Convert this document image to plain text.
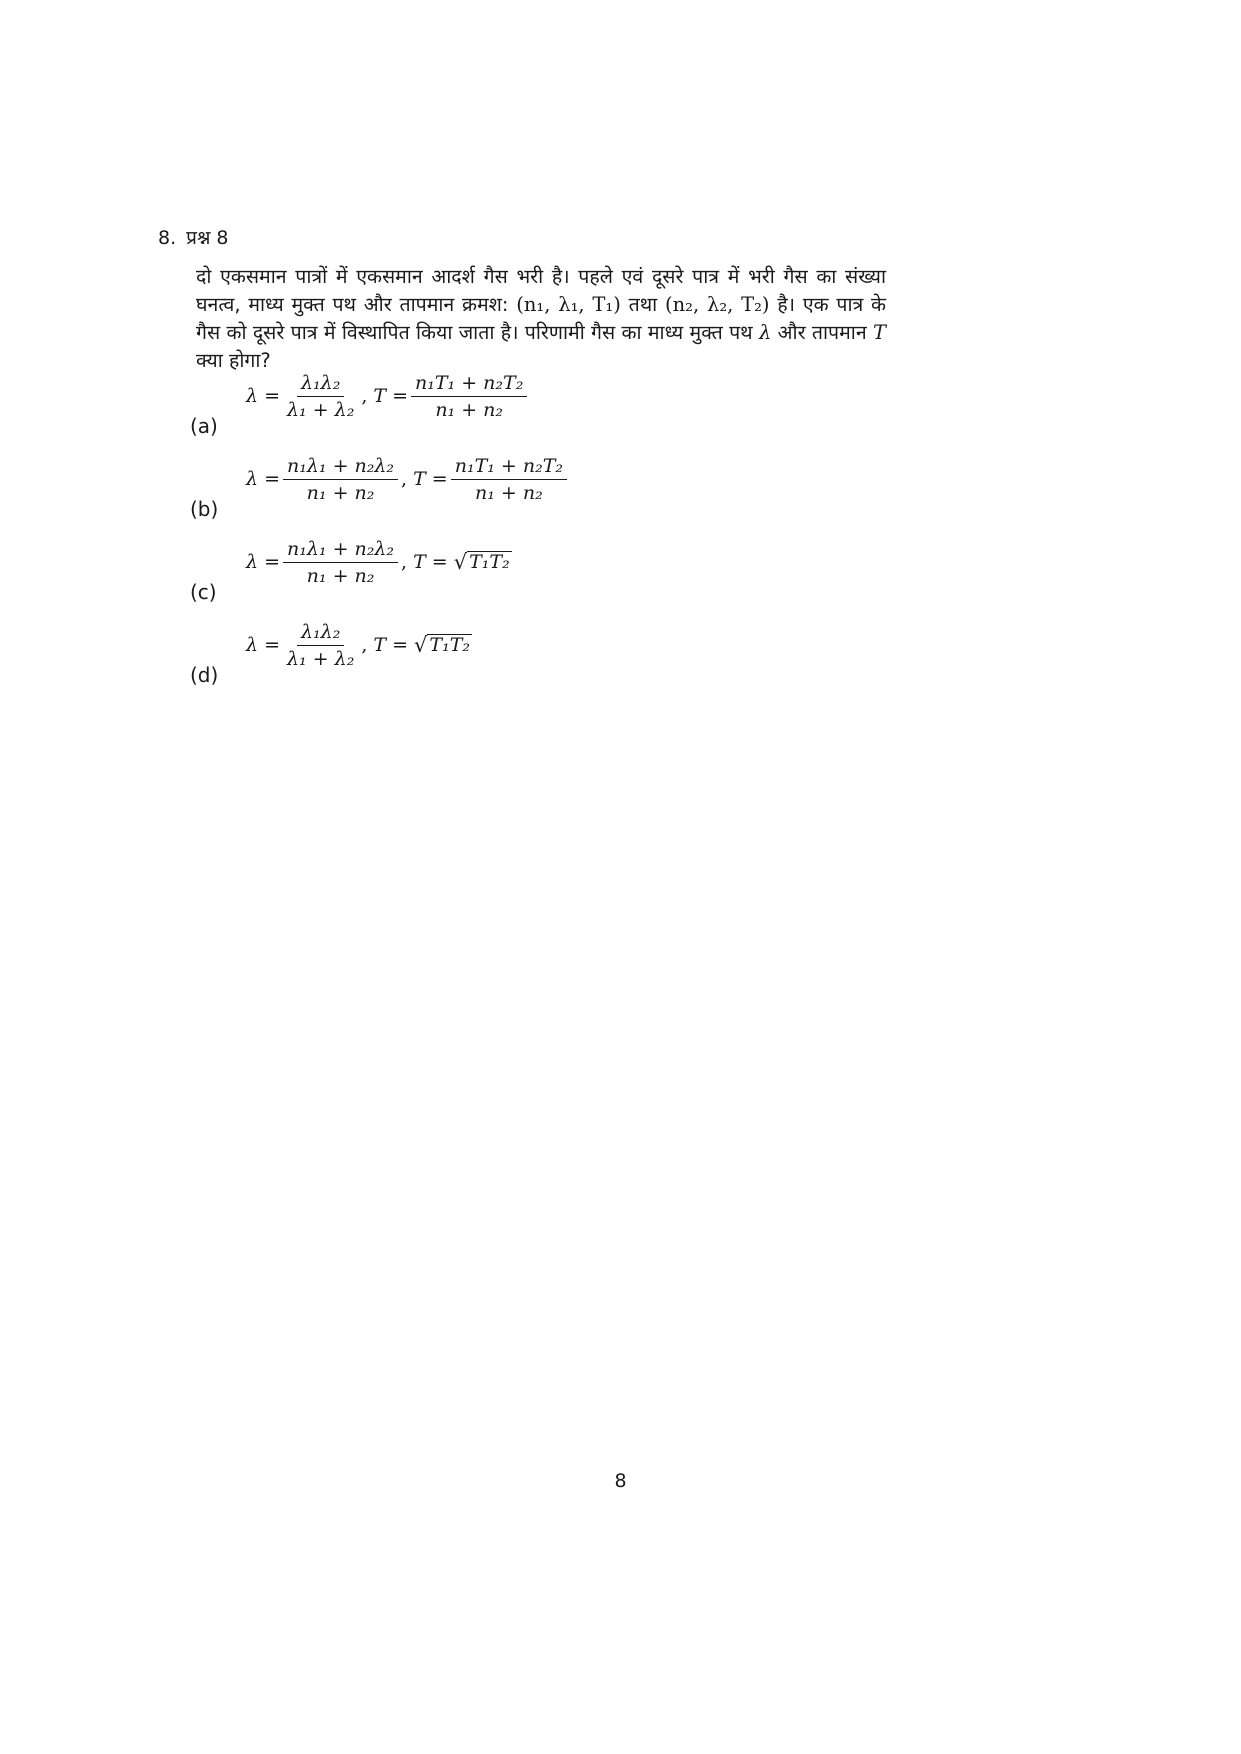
8. प्रश्न 8
दो एकसमान पात्रों में एकसमान आदर्श गैस भरी है। पहले एवं दूसरे पात्र में भरी गैस का संख्या घनत्व, माध्य मुक्त पथ और तापमान क्रमश: (n₁, λ₁, T₁) तथा (n₂, λ₂, T₂) है। एक पात्र के गैस को दूसरे पात्र में विस्थापित किया जाता है। परिणामी गैस का माध्य मुक्त पथ λ और तापमान T क्या होगा?
(a)
$\lambda = \frac{\text{λ₁λ₂}}{\text{λ₁ + λ₂}}$ , $T = \frac{\text{n₁T₁ + n₂T₂}}{\text{n₁ + n₂}}$
(b)
$\lambda = \frac{\text{n₁λ₁ + n₂λ₂}}{\text{n₁ + n₂}}$ , $T = \frac{\text{n₁T₁ + n₂T₂}}{\text{n₁ + n₂}}$
(c)
$\lambda = \frac{\text{n₁λ₁ + n₂λ₂}}{\text{n₁ + n₂}}$ , T = √ T₁T₂
(d)
$\lambda = \frac{\text{λ₁λ₂}}{\text{λ₁ + λ₂}}$ , T = √ T₁T₂
8
